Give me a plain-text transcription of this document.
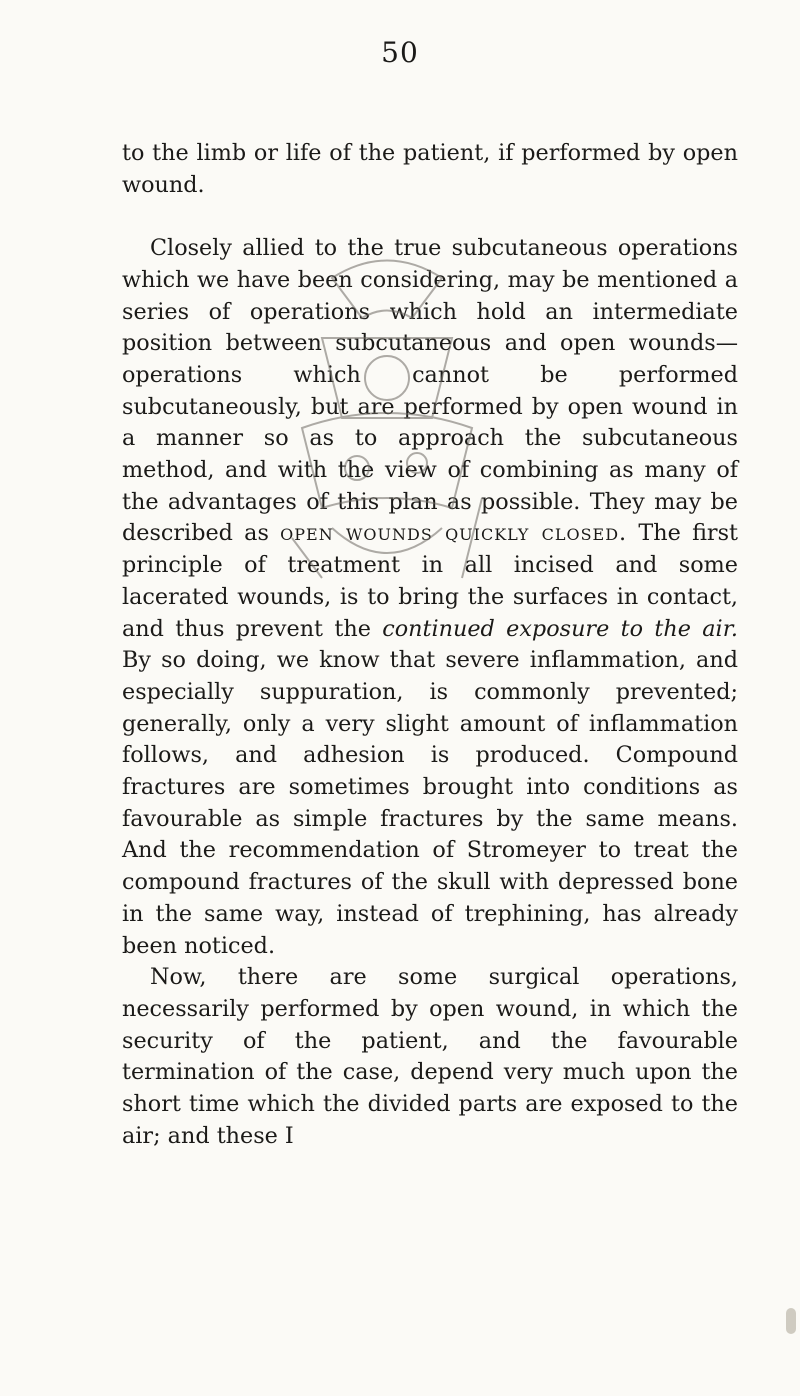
50

to the limb or life of the patient, if performed by open wound.

Closely allied to the true subcutaneous operations which we have been considering, may be mentioned a series of operations which hold an intermediate position between subcutaneous and open wounds—operations which cannot be performed subcutaneously, but are performed by open wound in a manner so as to approach the subcutaneous method, and with the view of combining as many of the advantages of this plan as possible. They may be described as open wounds quickly closed. The first principle of treatment in all incised and some lacerated wounds, is to bring the surfaces in contact, and thus prevent the continued exposure to the air. By so doing, we know that severe inflammation, and especially suppuration, is commonly prevented; generally, only a very slight amount of inflammation follows, and adhesion is produced. Compound fractures are sometimes brought into conditions as favourable as simple fractures by the same means. And the recommendation of Stromeyer to treat the compound fractures of the skull with depressed bone in the same way, instead of trephining, has already been noticed.

Now, there are some surgical operations, necessarily performed by open wound, in which the security of the patient, and the favourable termination of the case, depend very much upon the short time which the divided parts are exposed to the air; and these I
